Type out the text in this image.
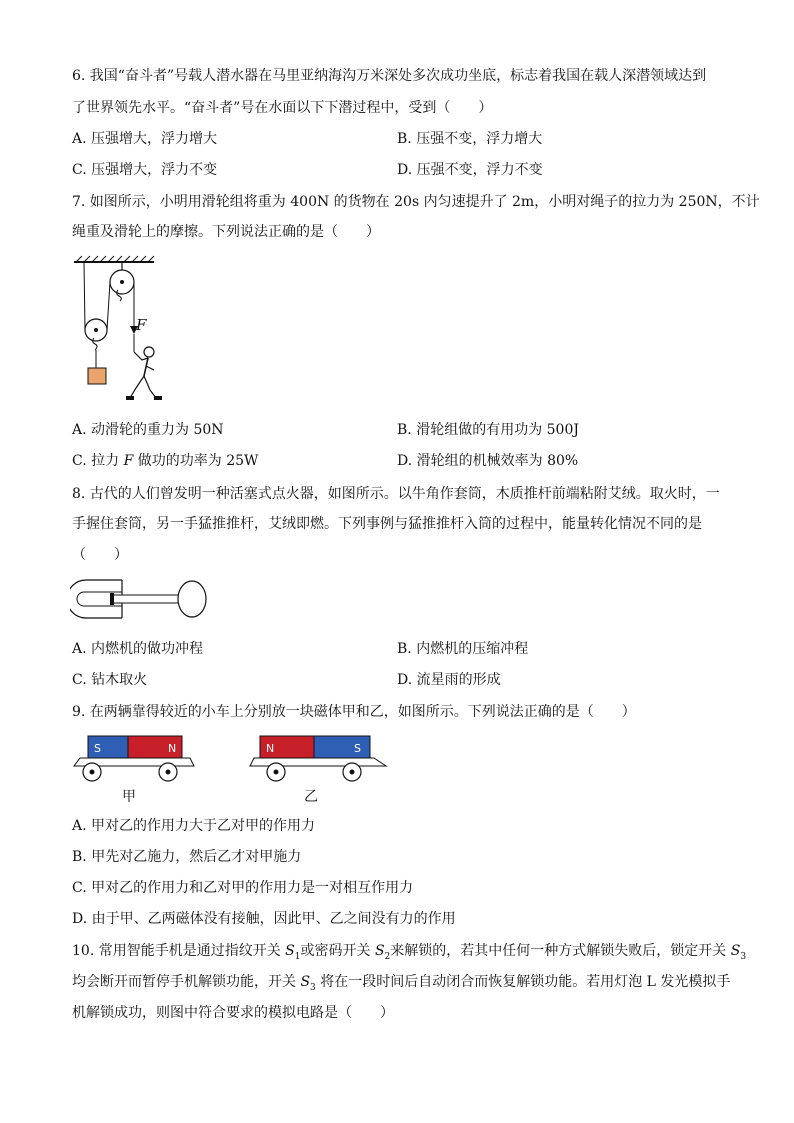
6. 我国“奋斗者”号载人潜水器在马里亚纳海沟万米深处多次成功坐底，标志着我国在载人深潜领域达到
了世界领先水平。“奋斗者”号在水面以下下潜过程中，受到（　　）
A. 压强增大，浮力增大	B. 压强不变，浮力增大
C. 压强增大，浮力不变	D. 压强不变，浮力不变
7. 如图所示，小明用滑轮组将重为 400N 的货物在 20s 内匀速提升了 2m，小明对绳子的拉力为 250N，不计
绳重及滑轮上的摩擦。下列说法正确的是（　　）
F
A. 动滑轮的重力为 50N	B. 滑轮组做的有用功为 500J
C. 拉力 F 做功的功率为 25W	D. 滑轮组的机械效率为 80%
8. 古代的人们曾发明一种活塞式点火器，如图所示。以牛角作套筒，木质推杆前端粘附艾绒。取火时，一
手握住套筒，另一手猛推推杆，艾绒即燃。下列事例与猛推推杆入筒的过程中，能量转化情况不同的是
（　　）
A. 内燃机的做功冲程	B. 内燃机的压缩冲程
C. 钻木取火	D. 流星雨的形成
9. 在两辆靠得较近的小车上分别放一块磁体甲和乙，如图所示。下列说法正确的是（　　）
S	N	N	S
甲	乙
A. 甲对乙的作用力大于乙对甲的作用力
B. 甲先对乙施力，然后乙才对甲施力
C. 甲对乙的作用力和乙对甲的作用力是一对相互作用力
D. 由于甲、乙两磁体没有接触，因此甲、乙之间没有力的作用
10. 常用智能手机是通过指纹开关 $S_1$或密码开关 $S_2$来解锁的，若其中任何一种方式解锁失败后，锁定开关 $S_3$
均会断开而暂停手机解锁功能，开关 $S_3$ 将在一段时间后自动闭合而恢复解锁功能。若用灯泡 L 发光模拟手
机解锁成功，则图中符合要求的模拟电路是（　　）
